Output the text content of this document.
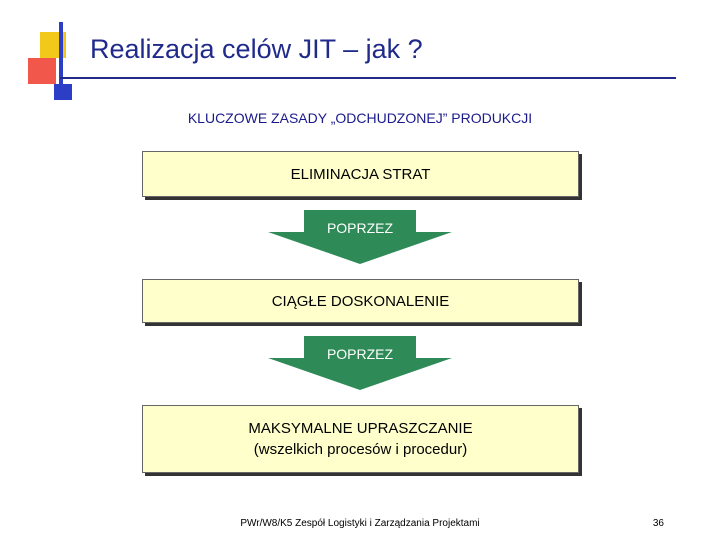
Realizacja celów JIT – jak ?
KLUCZOWE ZASADY „ODCHUDZONEJ” PRODUKCJI
ELIMINACJA STRAT
POPRZEZ
CIĄGŁE DOSKONALENIE
POPRZEZ
MAKSYMALNE UPRASZCZANIE
(wszelkich procesów i procedur)
PWr/W8/K5 Zespół Logistyki i Zarządzania Projektami	36
